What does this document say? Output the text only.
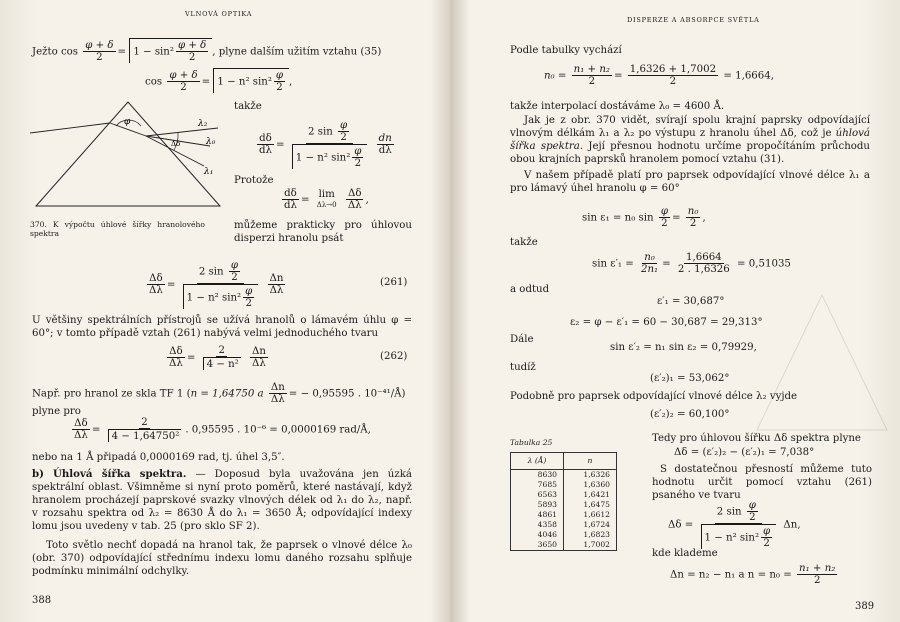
VLNOVÁ OPTIKA
Ježto $\cos \frac{\varphi + \delta}{2} = 1 - \sin^2 \frac{\varphi + \delta}{2}$ , plyne dalším užitím vztahu (35)
$\cos \frac{\varphi + \delta}{2} = 1 - n^2$ $\sin^2 \frac{\varphi}{2}$ ,
φ	λ₂
λ₀
λ₁
Δδ
370. K výpočtu úhlové šířky hranolového spektra
takže
$\frac{d\delta}{d\lambda} = \frac{2 \sin \frac{\varphi}{2}}{1 - n^2 \sin^2 \frac{\varphi}{2}}$
$\frac{dn}{d\lambda}$
Protože
$\frac{d\delta}{d\lambda}$ =
lim
Δλ→0
$\frac{\Delta\delta}{\Delta\lambda}$ ,
můžeme prakticky pro úhlovou disperzi hranolu psát
$\frac{\Delta\delta}{\Delta\lambda} = \frac{2 \sin \frac{\varphi}{2}}{1 - n^2 \sin^2 \frac{\varphi}{2}}$
$\frac{\Delta n}{\Delta\lambda}$	(261)
U většiny spektrálních přístrojů se užívá hranolů o lámavém úhlu φ = 60°; v tomto případě vztah (261) nabývá velmi jednoduchého tvaru
$\frac{\Delta\delta}{\Delta\lambda} = \frac{2}{\text{4 − n²}}$
$\frac{\Delta n}{\Delta\lambda}$	(262)
Např. pro hranol ze skla TF 1 (n = 1,64750 a $\frac{\Delta n}{\Delta\lambda}$ = − 0,95595 . 10⁻⁴¹/Å)
plyne pro
$\frac{\Delta\delta}{\Delta\lambda} = \frac{2}{\text{4 − 1,64750²}}$ . 0,95595 . 10⁻⁶ = 0,0000169 rad/Å,
nebo na 1 Å připadá 0,0000169 rad, tj. úhel 3,5″.
b) Úhlová šířka spektra. — Doposud byla uvažována jen úzká spektrální oblast. Všimněme si nyní proto poměrů, které nastávají, když hranolem procházejí paprskové svazky vlnových délek od λ₁ do λ₂, např. v rozsahu spektra od λ₂ = 8630 Å do λ₁ = 3650 Å; odpovídající indexy lomu jsou uvedeny v tab. 25 (pro sklo SF 2).
Toto světlo nechť dopadá na hranol tak, že paprsek o vlnové délce λ₀ (obr. 370) odpovídající střednímu indexu lomu daného rozsahu splňuje podmínku minimální odchylky.
388
DISPERZE A ABSORPCE SVĚTLA
Podle tabulky vychází
$n_0 = \frac{\text{n₁ + n₂}}{2} = \frac{1,6326 + 1,7002}{2} = 1,6664$,
takže interpolací dostáváme λ₀ = 4600 Å.
Jak je z obr. 370 vidět, svírají spolu krajní paprsky odpovídající vlnovým délkám λ₁ a λ₂ po výstupu z hranolu úhel Δδ, což je úhlová šířka spektra. Její přesnou hodnotu určíme propočítáním průchodu obou krajních paprsků hranolem pomocí vztahu (31).
V našem případě platí pro paprsek odpovídající vlnové délce λ₁ a pro lámavý úhel hranolu φ = 60°
sin ε₁ = n₀ $\sin \frac{\varphi}{2} = \frac{\text{n₀}}{2}$ ,
takže
$\sin \varepsilon'_1 = \frac{\text{n₀}}{\text{2n₁}} = \frac{1,6664}{2 . 1,6326} = 0,51035$
a odtud
ε′₁ = 30,687°
ε₂ = φ − ε′₁ = 60 − 30,687 = 29,313°
Dále
sin ε′₂ = n₁ sin ε₂ = 0,79929,
tudíž
(ε′₂)₁ = 53,062°
Podobně pro paprsek odpovídající vlnové délce λ₂ vyjde
(ε′₂)₂ = 60,100°
Tabulka 25
λ (Å)	n
8630	1,6326
7685	1,6360
6563	1,6421
5893	1,6475
4861	1,6612
4358	1,6724
4046	1,6823
3650	1,7002
Tedy pro úhlovou šířku Δδ spektra plyne
Δδ = (ε′₂)₂ − (ε′₂)₁ = 7,038°
S dostatečnou přesností můžeme tuto hodnotu určit pomocí vztahu (261) psaného ve tvaru
$\Delta\delta = \frac{2 \sin \frac{\varphi}{2}}{1 - n^2 \sin^2 \frac{\varphi}{2}} \Delta n$,
kde klademe
Δn = n₂ − n₁ a $n = n_0 = \frac{\text{n₁ + n₂}}{2}$
389
